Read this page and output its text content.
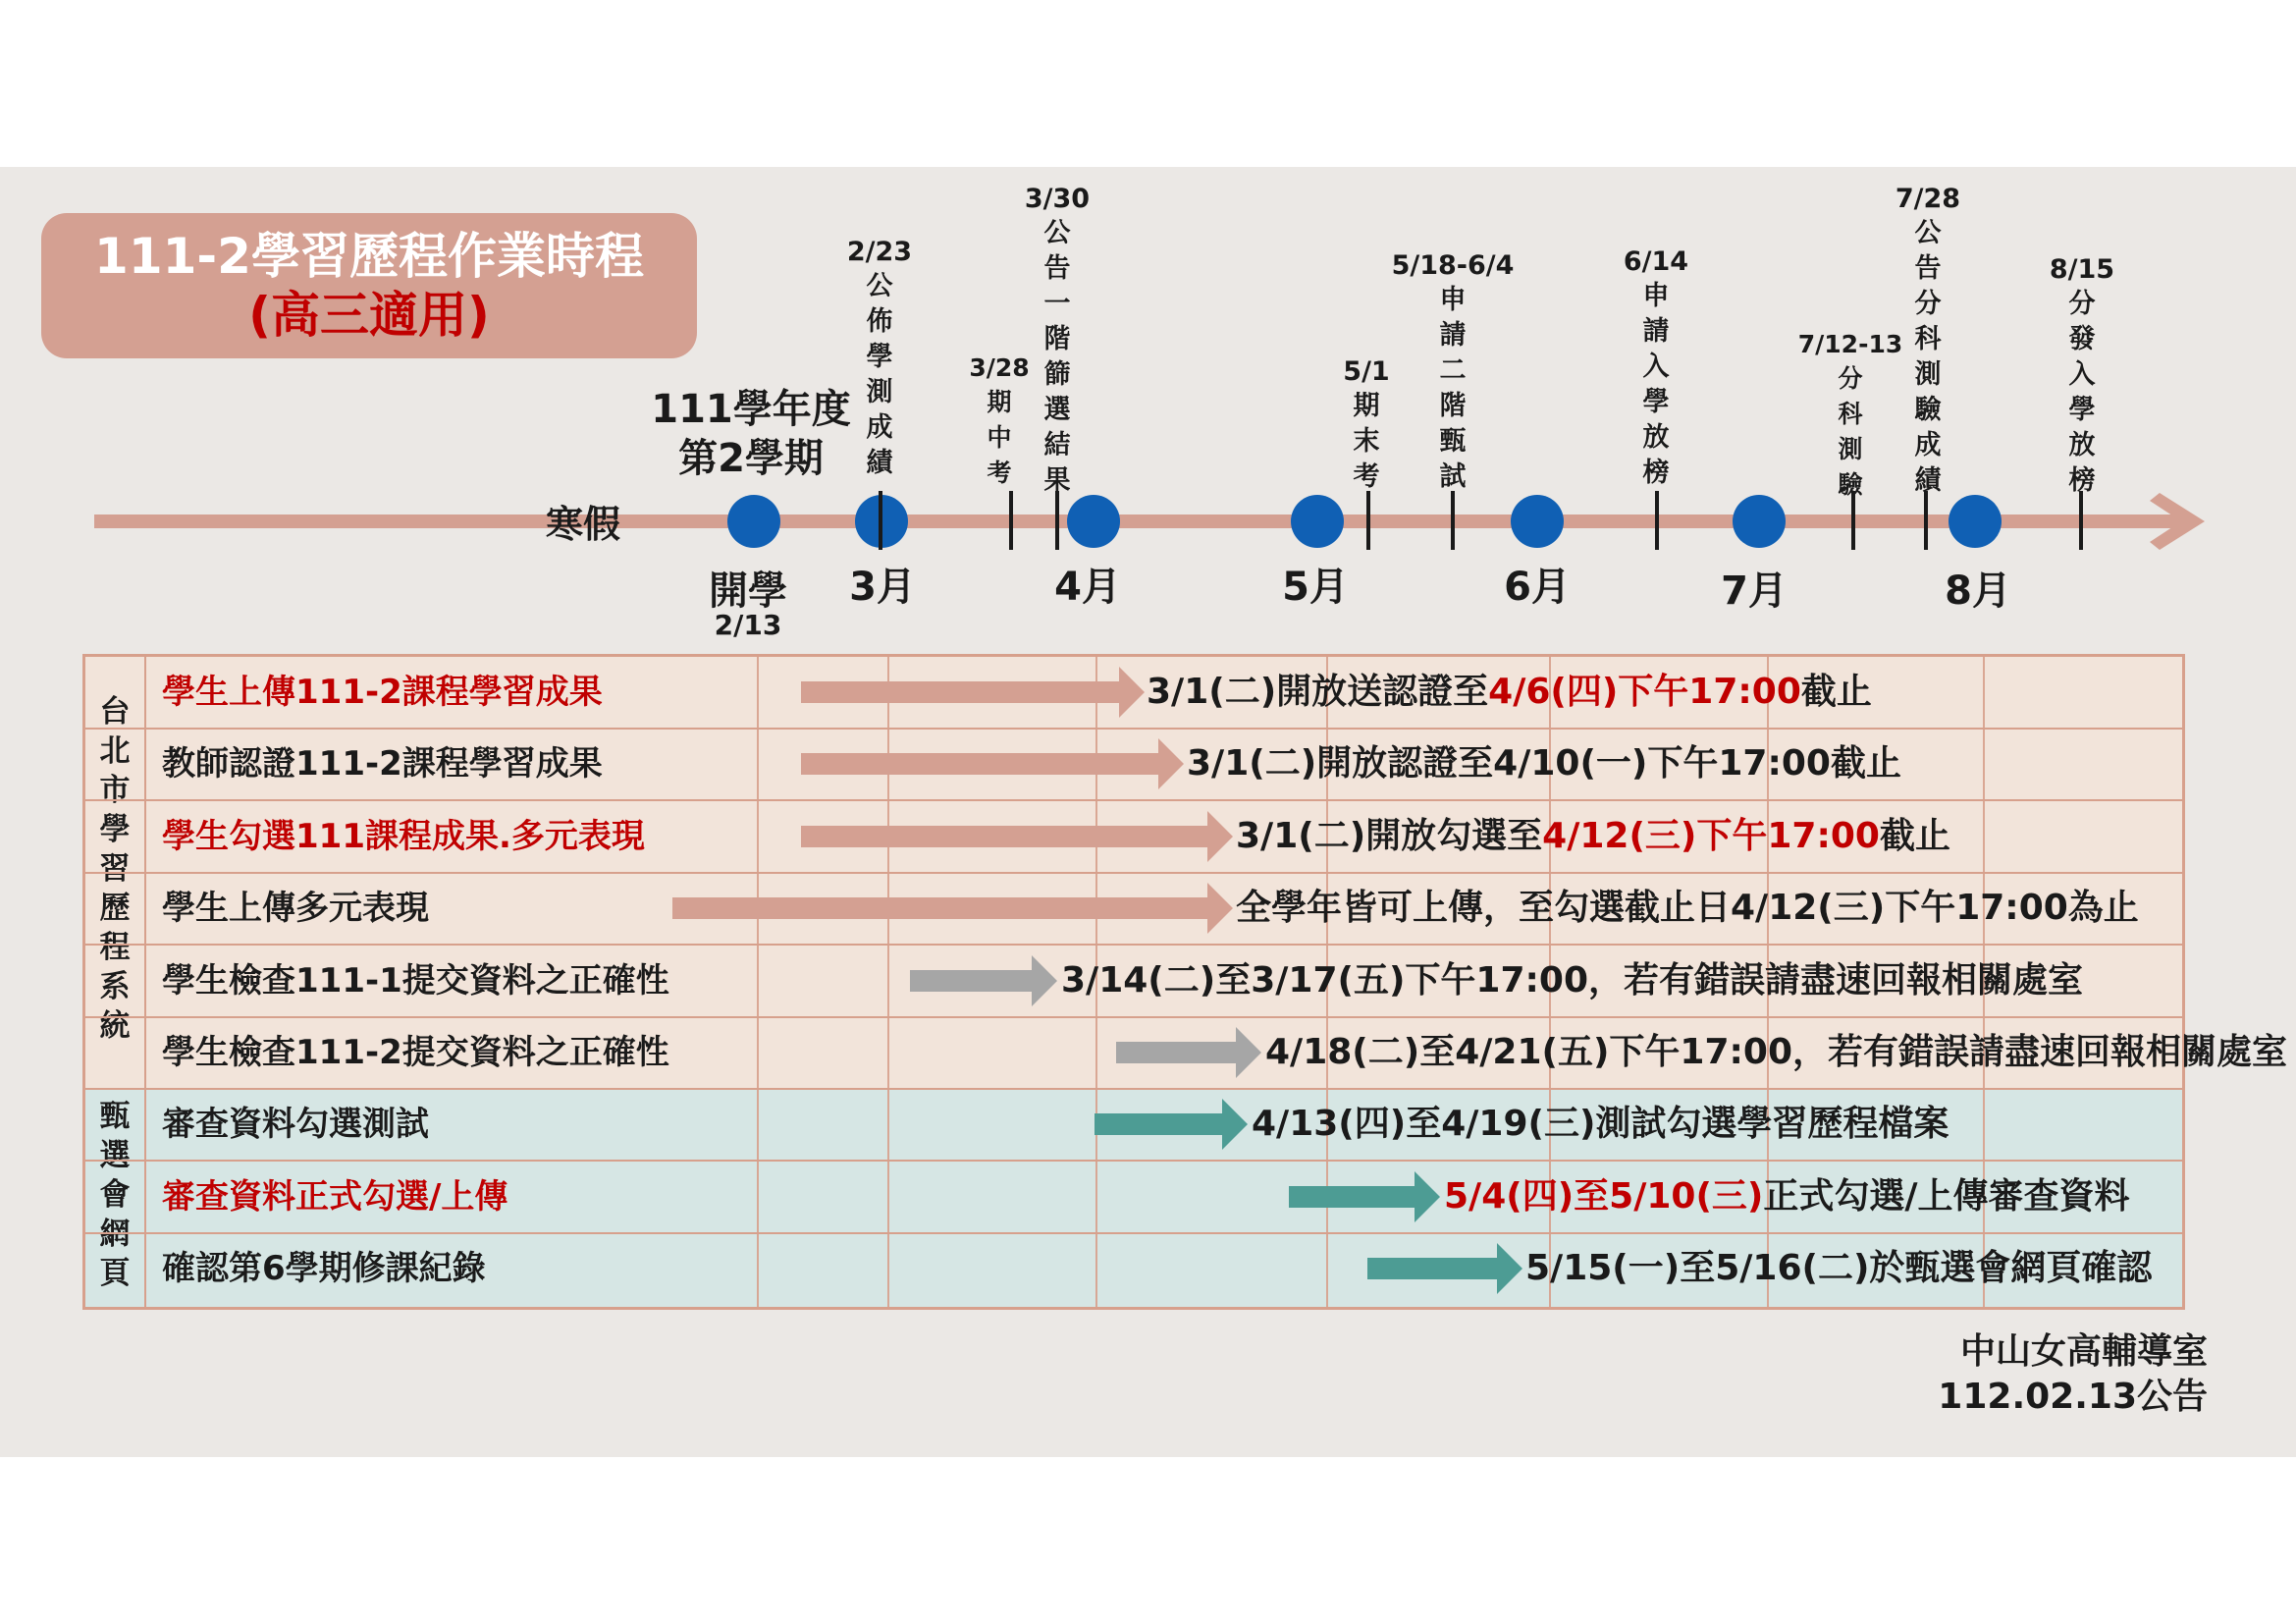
111-2學習歷程作業時程
(高三適用)
111學年度
第2學期
寒假
開學
2/13
3月	4月	5月	6月	7月	8月
2/23
公佈學測成績
3/28
期中考
3/30
公告一階篩選結果
5/1
期末考
5/18-6/4
申請二階甄試
6/14
申請入學放榜
7/12-13
分科測驗
7/28
公告分科測驗成績
8/15
分發入學放榜
台北市學習歷程系統
甄選會網頁
學生上傳111-2課程學習成果	3/1(二)開放送認證至4/6(四)下午17:00截止
教師認證111-2課程學習成果	3/1(二)開放認證至4/10(一)下午17:00截止
學生勾選111課程成果.多元表現	3/1(二)開放勾選至4/12(三)下午17:00截止
學生上傳多元表現	全學年皆可上傳，至勾選截止日4/12(三)下午17:00為止
學生檢查111-1提交資料之正確性	3/14(二)至3/17(五)下午17:00，若有錯誤請盡速回報相關處室
學生檢查111-2提交資料之正確性	4/18(二)至4/21(五)下午17:00，若有錯誤請盡速回報相關處室
審查資料勾選測試	4/13(四)至4/19(三)測試勾選學習歷程檔案
審查資料正式勾選/上傳	5/4(四)至5/10(三)正式勾選/上傳審查資料
確認第6學期修課紀錄	5/15(一)至5/16(二)於甄選會網頁確認
中山女高輔導室
112.02.13公告
